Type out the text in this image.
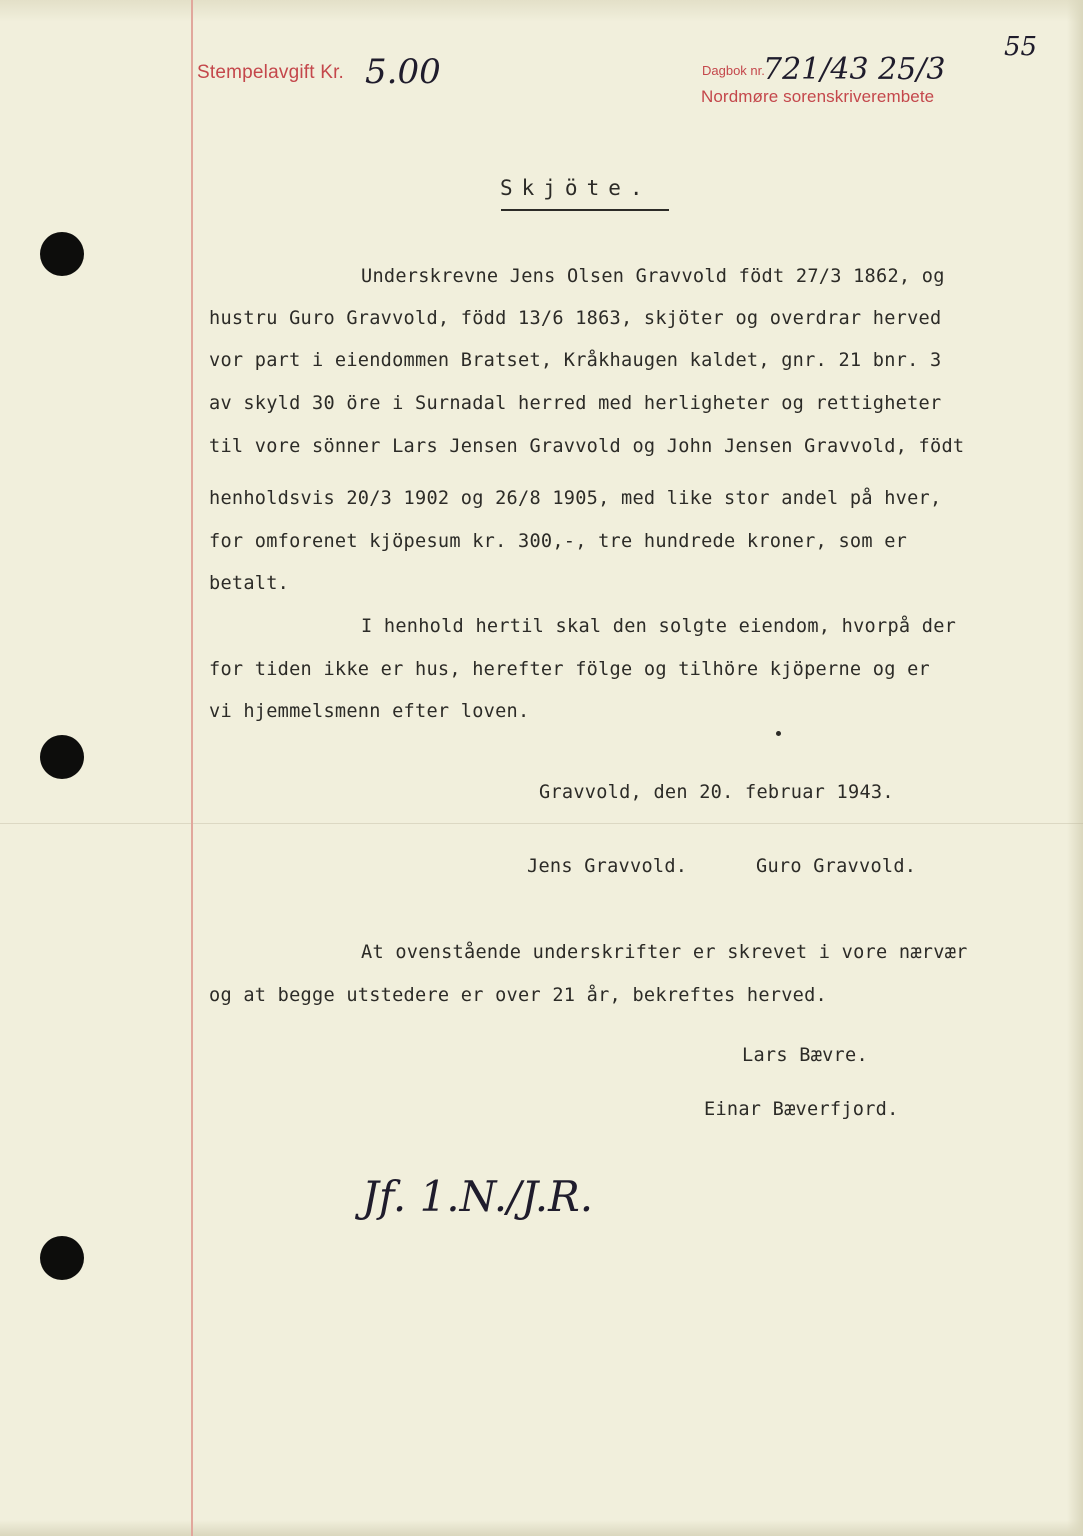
Stempelavgift Kr. 5.00	Dagbok nr.
721/43 25/3
Nordmøre sorenskriverembete
55
Skjöte.
Underskrevne Jens Olsen Gravvold födt 27/3 1862, og
hustru Guro Gravvold, född 13/6 1863, skjöter og overdrar herved
vor part i eiendommen Bratset, Kråkhaugen kaldet, gnr. 21 bnr. 3
av skyld 30 öre i Surnadal herred med herligheter og rettigheter
til vore sönner Lars Jensen Gravvold og John Jensen Gravvold, födt
henholdsvis 20/3 1902 og 26/8 1905, med like stor andel på hver,
for omforenet kjöpesum kr. 300,-, tre hundrede kroner, som er
betalt.
I henhold hertil skal den solgte eiendom, hvorpå der
for tiden ikke er hus, herefter fölge og tilhöre kjöperne og er
vi hjemmelsmenn efter loven.
Gravvold, den 20. februar 1943.
Jens Gravvold.	Guro Gravvold.
At ovenstående underskrifter er skrevet i vore nærvær
og at begge utstedere er over 21 år, bekreftes herved.
Lars Bævre.
Einar Bæverfjord.
Jf. 1.N./J.R.
